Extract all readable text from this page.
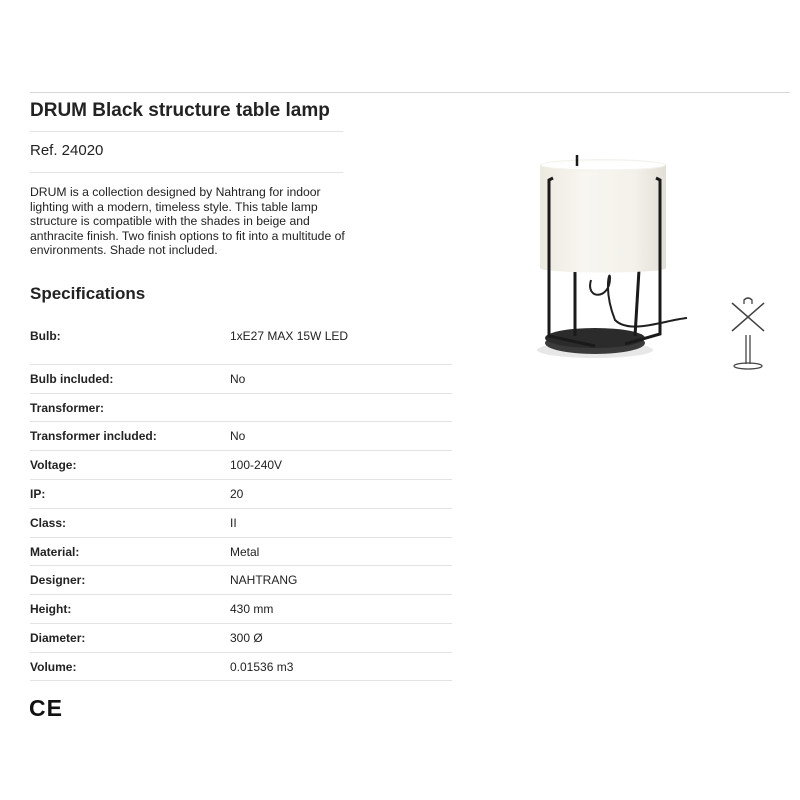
DRUM Black structure table lamp
Ref. 24020

DRUM is a collection designed by Nahtrang for indoor lighting with a modern, timeless style. This table lamp structure is compatible with the shades in beige and anthracite finish. Two finish options to fit into a multitude of environments. Shade not included.

Specifications
Bulb:	1xE27 MAX 15W LED
Bulb included:	No
Transformer:
Transformer included:	No
Voltage:	100-240V
IP:	20
Class:	II
Material:	Metal
Designer:	NAHTRANG
Height:	430 mm
Diameter:	300 Ø
Volume:	0.01536 m3
CE
